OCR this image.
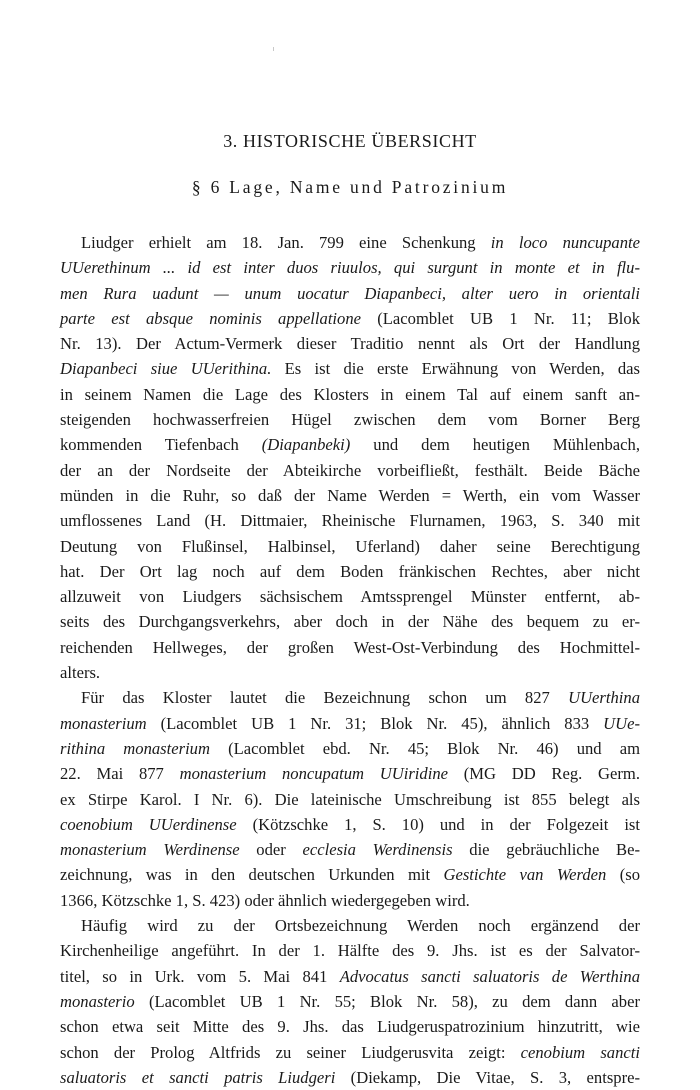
3. HISTORISCHE ÜBERSICHT
§ 6 Lage, Name und Patrozinium
Liudger erhielt am 18. Jan. 799 eine Schenkung in loco nuncupante
UUerethinum ... id est inter duos riuulos, qui surgunt in monte et in flu-
men Rura uadunt — unum uocatur Diapanbeci, alter uero in orientali
parte est absque nominis appellatione (Lacomblet UB 1 Nr. 11; Blok
Nr. 13). Der Actum-Vermerk dieser Traditio nennt als Ort der Handlung
Diapanbeci siue UUerithina. Es ist die erste Erwähnung von Werden, das
in seinem Namen die Lage des Klosters in einem Tal auf einem sanft an-
steigenden hochwasserfreien Hügel zwischen dem vom Borner Berg
kommenden Tiefenbach (Diapanbeki) und dem heutigen Mühlenbach,
der an der Nordseite der Abteikirche vorbeifließt, festhält. Beide Bäche
münden in die Ruhr, so daß der Name Werden = Werth, ein vom Wasser
umflossenes Land (H. Dittmaier, Rheinische Flurnamen, 1963, S. 340 mit
Deutung von Flußinsel, Halbinsel, Uferland) daher seine Berechtigung
hat. Der Ort lag noch auf dem Boden fränkischen Rechtes, aber nicht
allzuweit von Liudgers sächsischem Amtssprengel Münster entfernt, ab-
seits des Durchgangsverkehrs, aber doch in der Nähe des bequem zu er-
reichenden Hellweges, der großen West-Ost-Verbindung des Hochmittel-
alters.
Für das Kloster lautet die Bezeichnung schon um 827 UUerthina
monasterium (Lacomblet UB 1 Nr. 31; Blok Nr. 45), ähnlich 833 UUe-
rithina monasterium (Lacomblet ebd. Nr. 45; Blok Nr. 46) und am
22. Mai 877 monasterium noncupatum UUiridine (MG DD Reg. Germ.
ex Stirpe Karol. I Nr. 6). Die lateinische Umschreibung ist 855 belegt als
coenobium UUerdinense (Kötzschke 1, S. 10) und in der Folgezeit ist
monasterium Werdinense oder ecclesia Werdinensis die gebräuchliche Be-
zeichnung, was in den deutschen Urkunden mit Gestichte van Werden (so
1366, Kötzschke 1, S. 423) oder ähnlich wiedergegeben wird.
Häufig wird zu der Ortsbezeichnung Werden noch ergänzend der
Kirchenheilige angeführt. In der 1. Hälfte des 9. Jhs. ist es der Salvator-
titel, so in Urk. vom 5. Mai 841 Advocatus sancti saluatoris de Werthina
monasterio (Lacomblet UB 1 Nr. 55; Blok Nr. 58), zu dem dann aber
schon etwa seit Mitte des 9. Jhs. das Liudgeruspatrozinium hinzutritt, wie
schon der Prolog Altfrids zu seiner Liudgerusvita zeigt: cenobium sancti
saluatoris et sancti patris Liudgeri (Diekamp, Die Vitae, S. 3, entspre-
